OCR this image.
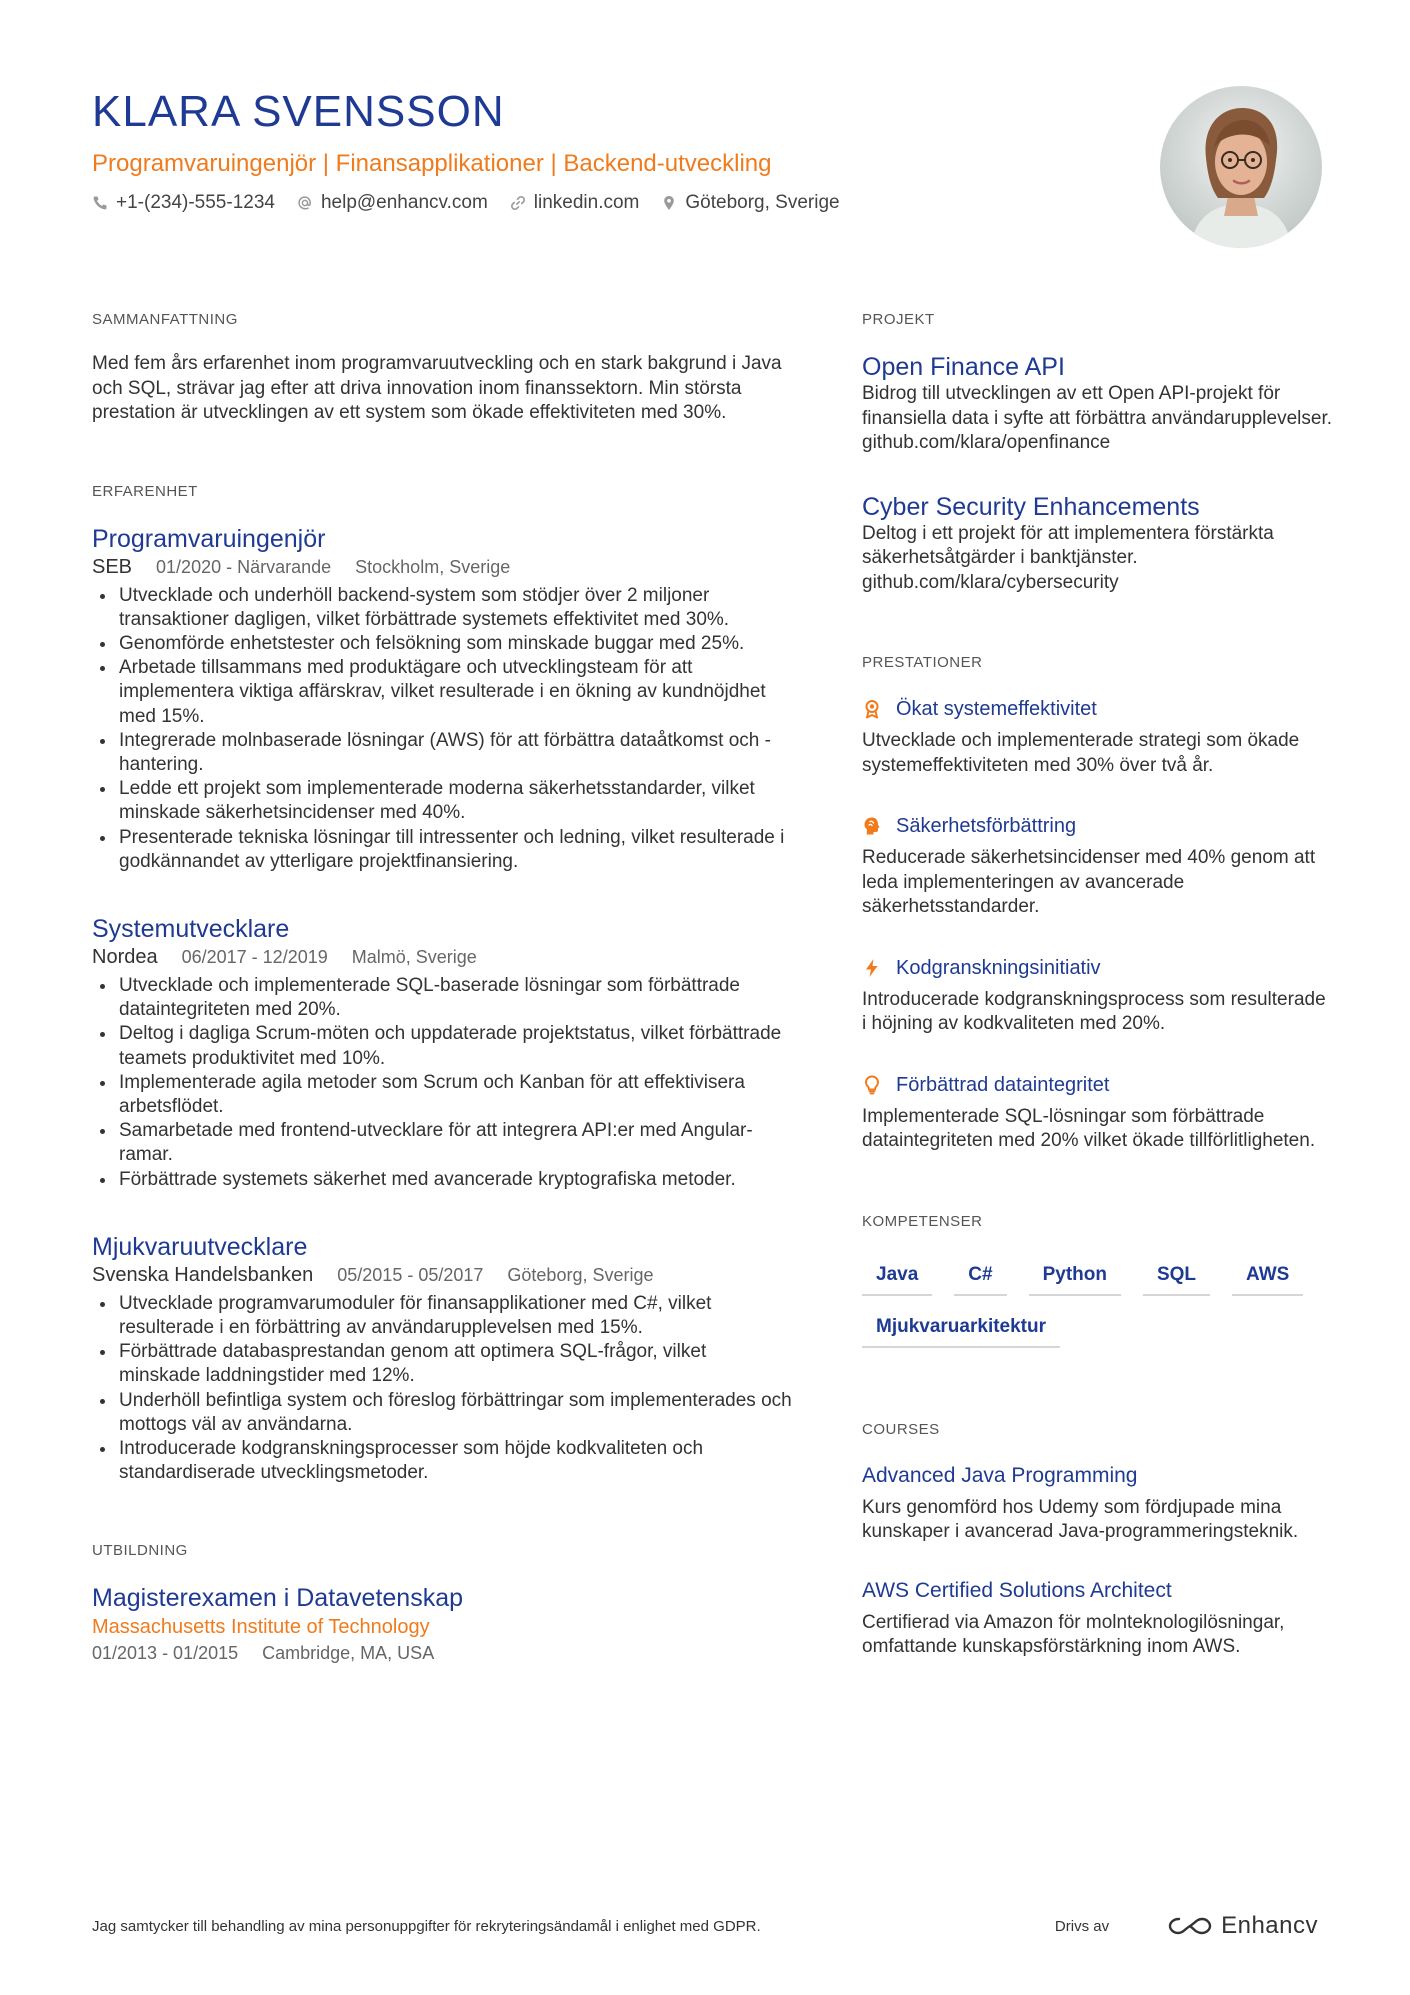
KLARA SVENSSON
Programvaruingenjör | Finansapplikationer | Backend-utveckling
+1-(234)-555-1234 help@enhancv.com linkedin.com Göteborg, Sverige
SAMMANFATTNING
Med fem års erfarenhet inom programvaruutveckling och en stark bakgrund i Java och SQL, strävar jag efter att driva innovation inom finanssektorn. Min största prestation är utvecklingen av ett system som ökade effektiviteten med 30%.
ERFARENHET
Programvaruingenjör
SEB 01/2020 - Närvarande Stockholm, Sverige
Utvecklade och underhöll backend-system som stödjer över 2 miljoner transaktioner dagligen, vilket förbättrade systemets effektivitet med 30%.
Genomförde enhetstester och felsökning som minskade buggar med 25%.
Arbetade tillsammans med produktägare och utvecklingsteam för att implementera viktiga affärskrav, vilket resulterade i en ökning av kundnöjdhet med 15%.
Integrerade molnbaserade lösningar (AWS) för att förbättra dataåtkomst och -hantering.
Ledde ett projekt som implementerade moderna säkerhetsstandarder, vilket minskade säkerhetsincidenser med 40%.
Presenterade tekniska lösningar till intressenter och ledning, vilket resulterade i godkännandet av ytterligare projektfinansiering.
Systemutvecklare
Nordea 06/2017 - 12/2019 Malmö, Sverige
Utvecklade och implementerade SQL-baserade lösningar som förbättrade dataintegriteten med 20%.
Deltog i dagliga Scrum-möten och uppdaterade projektstatus, vilket förbättrade teamets produktivitet med 10%.
Implementerade agila metoder som Scrum och Kanban för att effektivisera arbetsflödet.
Samarbetade med frontend-utvecklare för att integrera API:er med Angular-ramar.
Förbättrade systemets säkerhet med avancerade kryptografiska metoder.
Mjukvaruutvecklare
Svenska Handelsbanken 05/2015 - 05/2017 Göteborg, Sverige
Utvecklade programvarumoduler för finansapplikationer med C#, vilket resulterade i en förbättring av användarupplevelsen med 15%.
Förbättrade databasprestandan genom att optimera SQL-frågor, vilket minskade laddningstider med 12%.
Underhöll befintliga system och föreslog förbättringar som implementerades och mottogs väl av användarna.
Introducerade kodgranskningsprocesser som höjde kodkvaliteten och standardiserade utvecklingsmetoder.
UTBILDNING
Magisterexamen i Datavetenskap
Massachusetts Institute of Technology
01/2013 - 01/2015 Cambridge, MA, USA
PROJEKT
Open Finance API
Bidrog till utvecklingen av ett Open API-projekt för finansiella data i syfte att förbättra användarupplevelser.
github.com/klara/openfinance
Cyber Security Enhancements
Deltog i ett projekt för att implementera förstärkta säkerhetsåtgärder i banktjänster.
github.com/klara/cybersecurity
PRESTATIONER
Ökat systemeffektivitet
Utvecklade och implementerade strategi som ökade systemeffektiviteten med 30% över två år.
Säkerhetsförbättring
Reducerade säkerhetsincidenser med 40% genom att leda implementeringen av avancerade säkerhetsstandarder.
Kodgranskningsinitiativ
Introducerade kodgranskningsprocess som resulterade i höjning av kodkvaliteten med 20%.
Förbättrad dataintegritet
Implementerade SQL-lösningar som förbättrade dataintegriteten med 20% vilket ökade tillförlitligheten.
KOMPETENSER
Java	C#	Python	SQL	AWS
Mjukvaruarkitektur
COURSES
Advanced Java Programming
Kurs genomförd hos Udemy som fördjupade mina kunskaper i avancerad Java-programmeringsteknik.
AWS Certified Solutions Architect
Certifierad via Amazon för molnteknologilösningar, omfattande kunskapsförstärkning inom AWS.
Jag samtycker till behandling av mina personuppgifter för rekryteringsändamål i enlighet med GDPR.	Drivs av	Enhancv
